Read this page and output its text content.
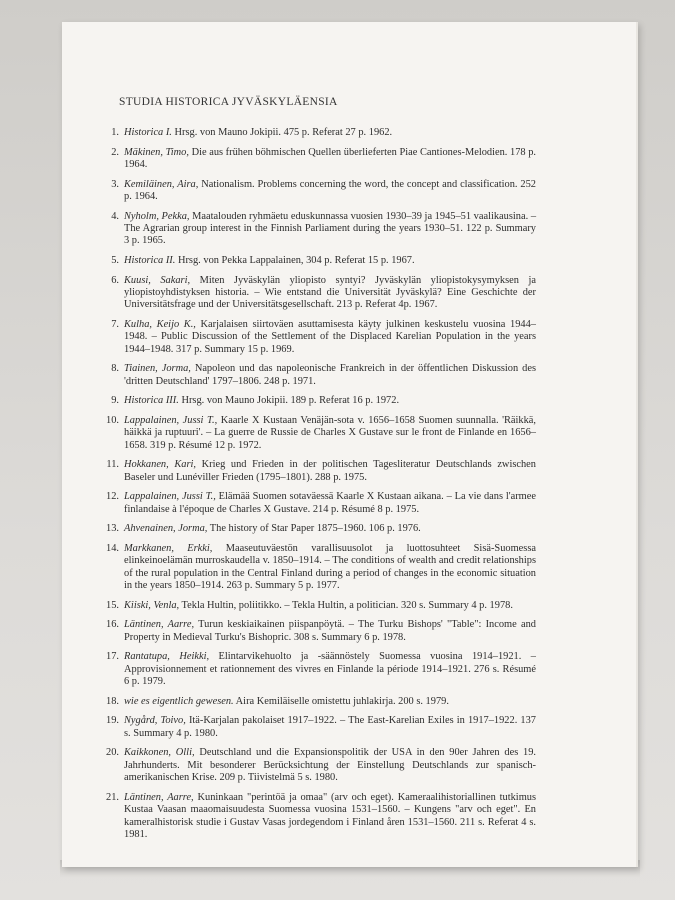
STUDIA HISTORICA JYVÄSKYLÄENSIA
1. Historica I. Hrsg. von Mauno Jokipii. 475 p. Referat 27 p. 1962.
2. Mäkinen, Timo, Die aus frühen böhmischen Quellen überlieferten Piae Cantiones-Melodien. 178 p. 1964.
3. Kemiläinen, Aira, Nationalism. Problems concerning the word, the concept and classification. 252 p. 1964.
4. Nyholm, Pekka, Maatalouden ryhmäetu eduskunnassa vuosien 1930–39 ja 1945–51 vaalikausina. – The Agrarian group interest in the Finnish Parliament during the years 1930–51. 122 p. Summary 3 p. 1965.
5. Historica II. Hrsg. von Pekka Lappalainen, 304 p. Referat 15 p. 1967.
6. Kuusi, Sakari, Miten Jyväskylän yliopisto syntyi? Jyväskylän yliopistokysymyksen ja yliopistoyhdistyksen historia. – Wie entstand die Universität Jyväskylä? Eine Geschichte der Universitätsfrage und der Universitätsgesellschaft. 213 p. Referat 4p. 1967.
7. Kulha, Keijo K., Karjalaisen siirtoväen asuttamisesta käyty julkinen keskustelu vuosina 1944–1948. – Public Discussion of the Settlement of the Displaced Karelian Population in the years 1944–1948. 317 p. Summary 15 p. 1969.
8. Tiainen, Jorma, Napoleon und das napoleonische Frankreich in der öffentlichen Diskussion des 'dritten Deutschland' 1797–1806. 248 p. 1971.
9. Historica III. Hrsg. von Mauno Jokipii. 189 p. Referat 16 p. 1972.
10. Lappalainen, Jussi T., Kaarle X Kustaan Venäjän-sota v. 1656–1658 Suomen suunnalla. 'Räikkä, häikkä ja ruptuuri'. – La guerre de Russie de Charles X Gustave sur le front de Finlande en 1656–1658. 319 p. Résumé 12 p. 1972.
11. Hokkanen, Kari, Krieg und Frieden in der politischen Tagesliteratur Deutschlands zwischen Baseler und Lunéviller Frieden (1795–1801). 288 p. 1975.
12. Lappalainen, Jussi T., Elämää Suomen sotaväessä Kaarle X Kustaan aikana. – La vie dans l'armee finlandaise à l'époque de Charles X Gustave. 214 p. Résumé 8 p. 1975.
13. Ahvenainen, Jorma, The history of Star Paper 1875–1960. 106 p. 1976.
14. Markkanen, Erkki, Maaseutuväestön varallisuusolot ja luottosuhteet Sisä-Suomessa elinkeinoelämän murroskaudella v. 1850–1914. – The conditions of wealth and credit relationships of the rural population in the Central Finland during a period of changes in the economic situation in the years 1850–1914. 263 p. Summary 5 p. 1977.
15. Kiiski, Venla, Tekla Hultin, poliitikko. – Tekla Hultin, a politician. 320 s. Summary 4 p. 1978.
16. Läntinen, Aarre, Turun keskiaikainen piispanpöytä. – The Turku Bishops' "Table": Income and Property in Medieval Turku's Bishopric. 308 s. Summary 6 p. 1978.
17. Rantatupa, Heikki, Elintarvikehuolto ja -säännöstely Suomessa vuosina 1914–1921. – Approvisionnement et rationnement des vivres en Finlande la période 1914–1921. 276 s. Résumé 6 p. 1979.
18. wie es eigentlich gewesen. Aira Kemiläiselle omistettu juhlakirja. 200 s. 1979.
19. Nygård, Toivo, Itä-Karjalan pakolaiset 1917–1922. – The East-Karelian Exiles in 1917–1922. 137 s. Summary 4 p. 1980.
20. Kaikkonen, Olli, Deutschland und die Expansionspolitik der USA in den 90er Jahren des 19. Jahrhunderts. Mit besonderer Berücksichtung der Einstellung Deutschlands zur spanisch-amerikanischen Krise. 209 p. Tiivistelmä 5 s. 1980.
21. Läntinen, Aarre, Kuninkaan "perintöä ja omaa" (arv och eget). Kameraalihistoriallinen tutkimus Kustaa Vaasan maaomaisuudesta Suomessa vuosina 1531–1560. – Kungens "arv och eget". En kameralhistorisk studie i Gustav Vasas jordegendom i Finland åren 1531–1560. 211 s. Referat 4 s. 1981.
